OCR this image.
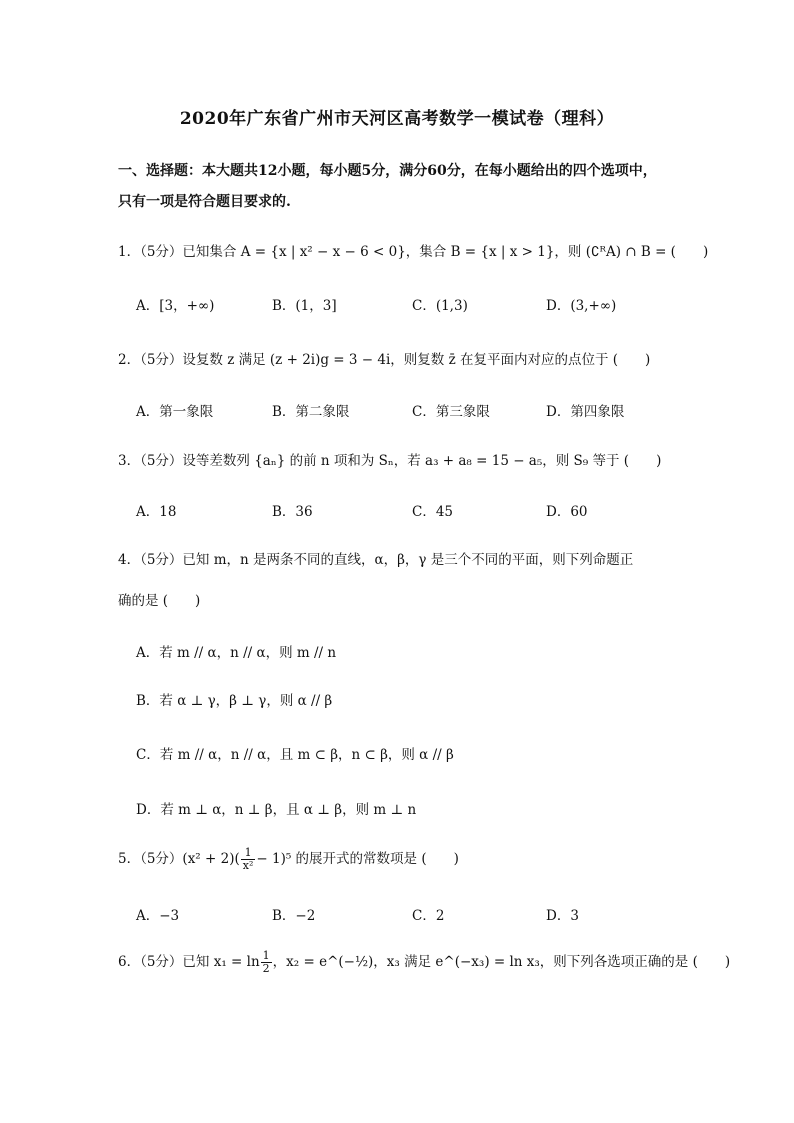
2020年广东省广州市天河区高考数学一模试卷（理科）
一、选择题：本大题共12小题，每小题5分，满分60分，在每小题给出的四个选项中，
只有一项是符合题目要求的.
1．（5分）已知集合 A = {x | x² − x − 6 < 0}，集合 B = {x | x > 1}，则 (∁ᴿA) ∩ B = (　　)
A．[3，+∞)	B．(1，3]	C．(1,3)	D．(3,+∞)
2．（5分）设复数 z 满足 (z + 2i)g = 3 − 4i，则复数 z̄ 在复平面内对应的点位于 (　　)
A．第一象限	B．第二象限	C．第三象限	D．第四象限
3．（5分）设等差数列 {aₙ} 的前 n 项和为 Sₙ，若 a₃ + a₈ = 15 − a₅，则 S₉ 等于 (　　)
A．18	B．36	C．45	D．60
4．（5分）已知 m，n 是两条不同的直线，α，β，γ 是三个不同的平面，则下列命题正
确的是 (　　)
A．若 m // α，n // α，则 m // n
B．若 α ⊥ γ，β ⊥ γ，则 α // β
C．若 m // α，n // α，且 m ⊂ β，n ⊂ β，则 α // β
D．若 m ⊥ α，n ⊥ β，且 α ⊥ β，则 m ⊥ n
5．（5分）$(x^2 + 2)( \frac{1}{\text{x²}} - 1)^5$ 的展开式的常数项是 (　　)
A．−3	B．−2	C．2	D．3
6．（5分）已知 $x_1 = \ln \frac{1}{2}$ ，x₂ = e^(−½)，x₃ 满足 e^(−x₃) = ln x₃，则下列各选项正确的是 (　　)
